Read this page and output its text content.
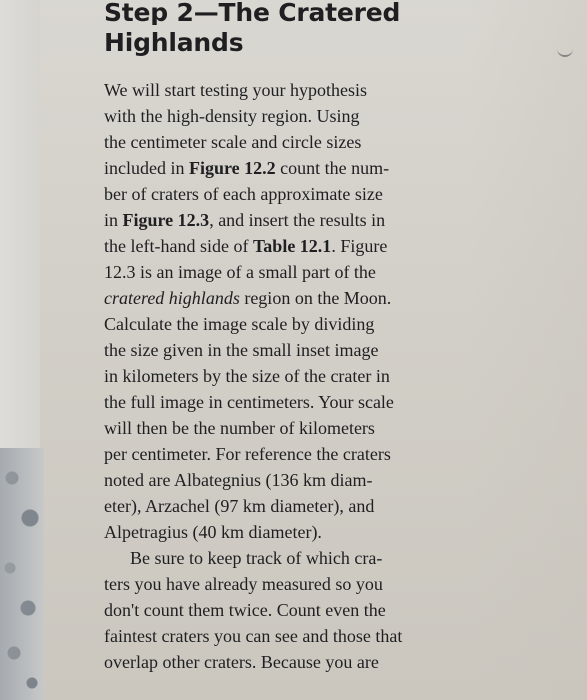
Step 2—The Cratered
Highlands

We will start testing your hypothesis
with the high-density region. Using
the centimeter scale and circle sizes
included in Figure 12.2 count the num-
ber of craters of each approximate size
in Figure 12.3, and insert the results in
the left-hand side of Table 12.1. Figure
12.3 is an image of a small part of the
cratered highlands region on the Moon.
Calculate the image scale by dividing
the size given in the small inset image
in kilometers by the size of the crater in
the full image in centimeters. Your scale
will then be the number of kilometers
per centimeter. For reference the craters
noted are Albategnius (136 km diam-
eter), Arzachel (97 km diameter), and
Alpetragius (40 km diameter).

Be sure to keep track of which cra-
ters you have already measured so you
don't count them twice. Count even the
faintest craters you can see and those that
overlap other craters. Because you are
